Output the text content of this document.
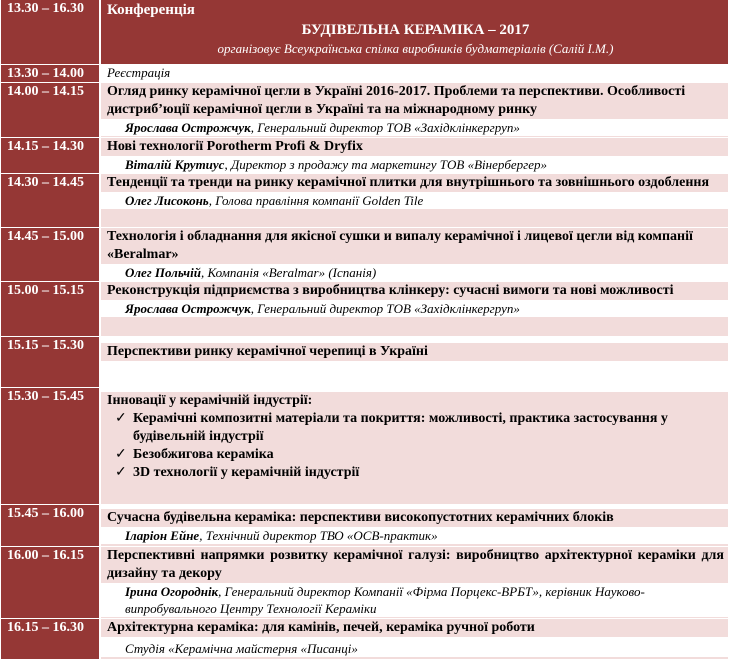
13.30 – 16.30	Конференція
БУДІВЕЛЬНА КЕРАМІКА – 2017
організовує Всеукраїнська спілка виробників будматеріалів (Салій І.М.)
13.30 – 14.00	Реєстрація
14.00 – 14.15	Огляд ринку керамічної цегли в Україні 2016-2017. Проблеми та перспективи. Особливості дистриб’юції керамічної цегли в Україні та на міжнародному ринку
Ярослава Острожчук, Генеральний директор ТОВ «Західклінкергруп»
14.15 – 14.30	Нові технології Porotherm Profi & Dryfix
Віталій Крутиус, Директор з продажу та маркетингу ТОВ «Вінербергер»
14.30 – 14.45	Тенденції та тренди на ринку керамічної плитки для внутрішнього та зовнішнього оздоблення
Олег Лисоконь, Голова правління компанії Golden Tile
14.45 – 15.00	Технологія і обладнання для якісної сушки и випалу керамічної і лицевої цегли від компанії «Beralmar»
Олег Польчій, Компанія «Beralmar» (Іспанія)
15.00 – 15.15	Реконструкція підприємства з виробництва клінкеру: сучасні вимоги та нові можливості
Ярослава Острожчук, Генеральний директор ТОВ «Західклінкергруп»
15.15 – 15.30	Перспективи ринку керамічної черепиці в Україні
15.30 – 15.45	Інновації у керамічній індустрії:
✓ Керамічні композитні матеріали та покриття: можливості, практика застосування у будівельній індустрії
✓ Безобжигова кераміка
✓ 3D технології у керамічній індустрії
15.45 – 16.00	Сучасна будівельна кераміка: перспективи високопустотних керамічних блоків
Іларіон Ейне, Технічний директор ТВО «ОСВ-практик»
16.00 – 16.15	Перспективні напрямки розвитку керамічної галузі: виробництво архітектурної кераміки для дизайну та декору
Ірина Огороднік, Генеральний директор Компанії «Фірма Порцекс-ВРБТ», керівник Науково-випробувального Центру Технології Кераміки
16.15 – 16.30	Архітектурна кераміка: для камінів, печей, кераміка ручної роботи
Студія «Керамічна майстерня «Писанці»
